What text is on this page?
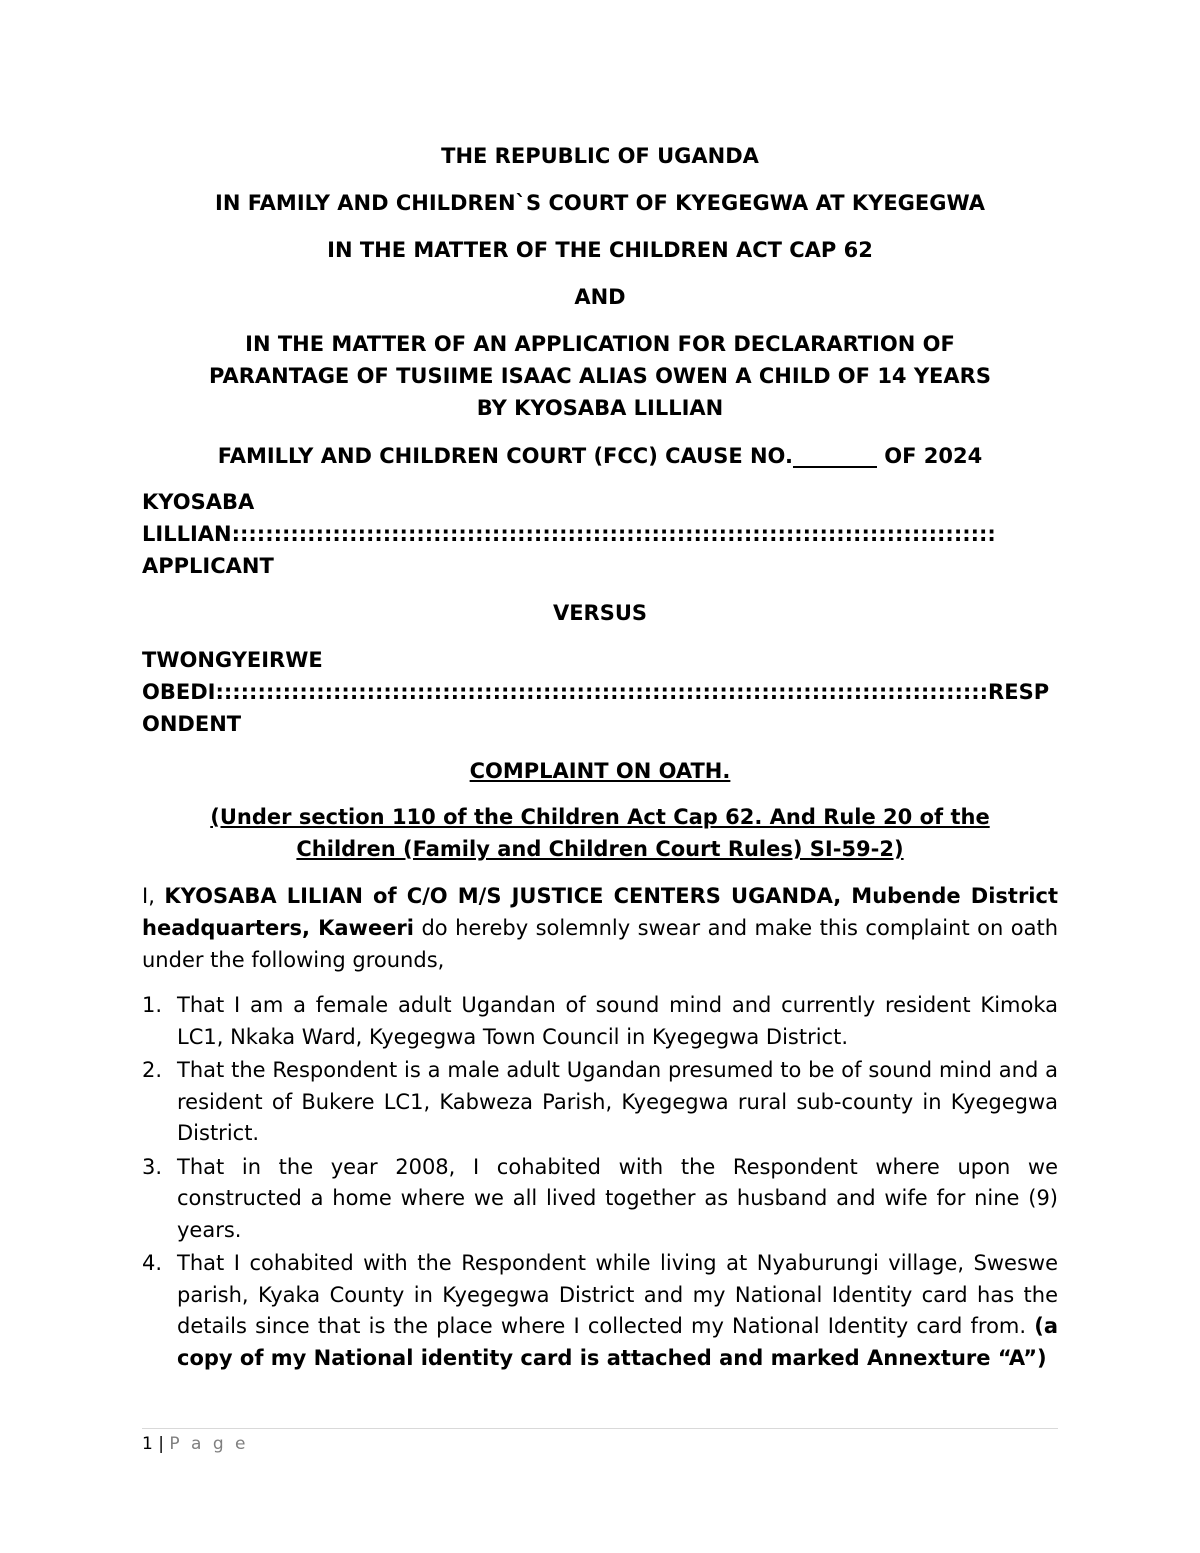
THE REPUBLIC OF UGANDA

IN FAMILY AND CHILDREN`S COURT OF KYEGEGWA AT KYEGEGWA

IN THE MATTER OF THE CHILDREN ACT CAP 62

AND

IN THE MATTER OF AN APPLICATION FOR DECLARARTION OF
PARANTAGE OF TUSIIME ISAAC ALIAS OWEN A CHILD OF 14 YEARS
BY KYOSABA LILLIAN

FAMILLY AND CHILDREN COURT (FCC) CAUSE NO.________ OF 2024

KYOSABA
LILLIAN:::::::::::::::::::::::::::::::::::::::::::::::::::::::::::::::::::::::::::::::::::::::::::
APPLICANT

VERSUS

TWONGYEIRWE
OBEDI::::::::::::::::::::::::::::::::::::::::::::::::::::::::::::::::::::::::::::::::::::::::::::RESP
ONDENT

COMPLAINT ON OATH.

(Under section 110 of the Children Act Cap 62. And Rule 20 of the
Children (Family and Children Court Rules) SI-59-2)

I, KYOSABA LILIAN of C/O M/S JUSTICE CENTERS UGANDA, Mubende District headquarters, Kaweeri do hereby solemnly swear and make this complaint on oath under the following grounds,

1. That I am a female adult Ugandan of sound mind and currently resident Kimoka LC1, Nkaka Ward, Kyegegwa Town Council in Kyegegwa District.
2. That the Respondent is a male adult Ugandan presumed to be of sound mind and a resident of Bukere LC1, Kabweza Parish, Kyegegwa rural sub-county in Kyegegwa District.
3. That in the year 2008, I cohabited with the Respondent where upon we constructed a home where we all lived together as husband and wife for nine (9) years.
4. That I cohabited with the Respondent while living at Nyaburungi village, Sweswe parish, Kyaka County in Kyegegwa District and my National Identity card has the details since that is the place where I collected my National Identity card from. (a copy of my National identity card is attached and marked Annexture “A”)
1 | P a g e
